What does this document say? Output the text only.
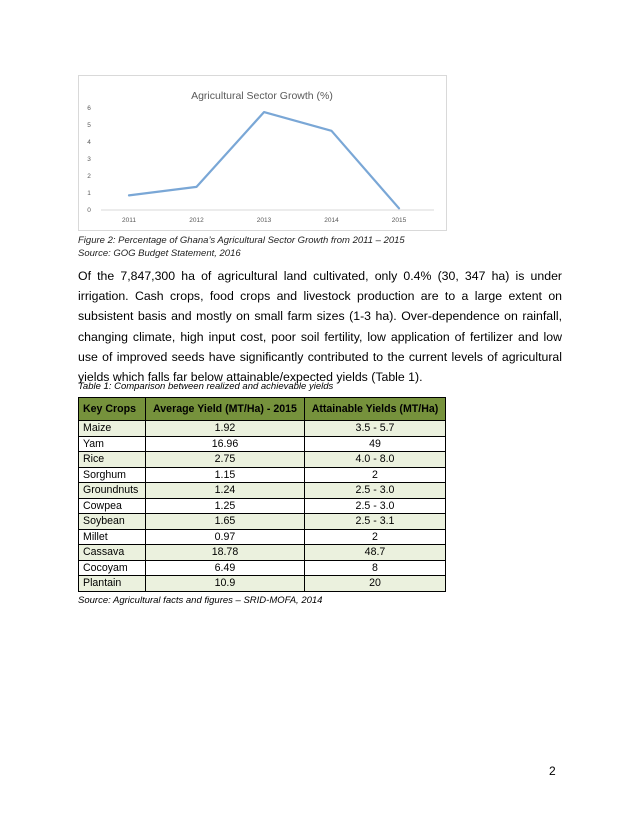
Agricultural Sector Growth (%)
0
1
2
3
4
5
6
2011	2012	2013	2014	2015
Figure 2: Percentage of Ghana’s Agricultural Sector Growth from 2011 – 2015
Source: GOG Budget Statement, 2016
Of the 7,847,300 ha of agricultural land cultivated, only 0.4% (30, 347 ha) is under irrigation. Cash crops, food crops and livestock production are to a large extent on subsistent basis and mostly on small farm sizes (1-3 ha). Over-dependence on rainfall, changing climate, high input cost, poor soil fertility, low application of fertilizer and low use of improved seeds have significantly contributed to the current levels of agricultural yields which falls far below attainable/expected yields (Table 1).
Table 1: Comparison between realized and achievable yields
Key Crops	Average Yield (MT/Ha) - 2015	Attainable Yields (MT/Ha)
Maize	1.92	3.5 - 5.7
Yam	16.96	49
Rice	2.75	4.0 - 8.0
Sorghum	1.15	2
Groundnuts	1.24	2.5 - 3.0
Cowpea	1.25	2.5 - 3.0
Soybean	1.65	2.5 - 3.1
Millet	0.97	2
Cassava	18.78	48.7
Cocoyam	6.49	8
Plantain	10.9	20
Source: Agricultural facts and figures – SRID-MOFA, 2014
2
